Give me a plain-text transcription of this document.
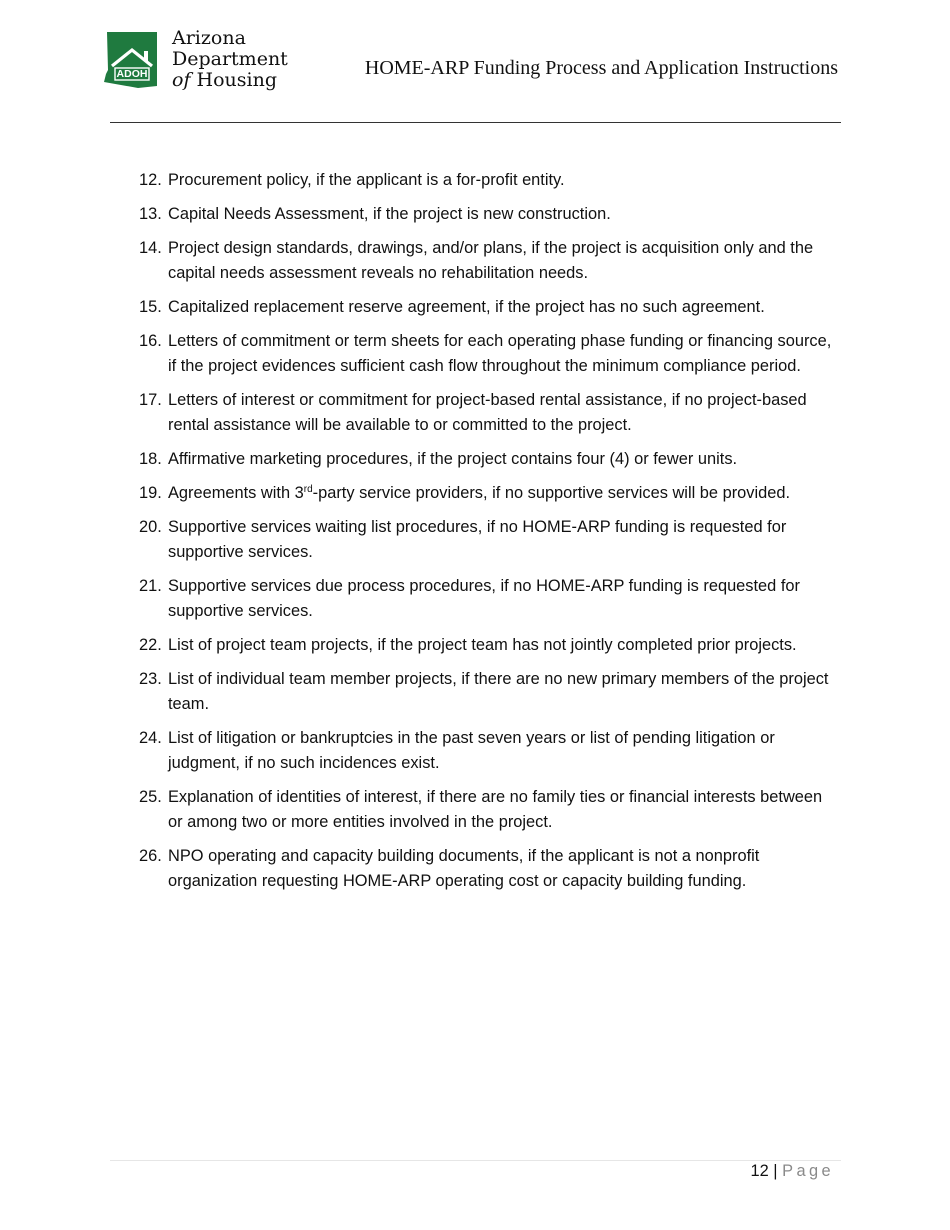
ADOH
Arizona
Department
of Housing
HOME-ARP Funding Process and Application Instructions
12. Procurement policy, if the applicant is a for-profit entity.
13. Capital Needs Assessment, if the project is new construction.
14. Project design standards, drawings, and/or plans, if the project is acquisition only and the capital needs assessment reveals no rehabilitation needs.
15. Capitalized replacement reserve agreement, if the project has no such agreement.
16. Letters of commitment or term sheets for each operating phase funding or financing source, if the project evidences sufficient cash flow throughout the minimum compliance period.
17. Letters of interest or commitment for project-based rental assistance, if no project-based rental assistance will be available to or committed to the project.
18. Affirmative marketing procedures, if the project contains four (4) or fewer units.
19. Agreements with 3rd-party service providers, if no supportive services will be provided.
20. Supportive services waiting list procedures, if no HOME-ARP funding is requested for supportive services.
21. Supportive services due process procedures, if no HOME-ARP funding is requested for supportive services.
22. List of project team projects, if the project team has not jointly completed prior projects.
23. List of individual team member projects, if there are no new primary members of the project team.
24. List of litigation or bankruptcies in the past seven years or list of pending litigation or judgment, if no such incidences exist.
25. Explanation of identities of interest, if there are no family ties or financial interests between or among two or more entities involved in the project.
26. NPO operating and capacity building documents, if the applicant is not a nonprofit organization requesting HOME-ARP operating cost or capacity building funding.
12 | Page
